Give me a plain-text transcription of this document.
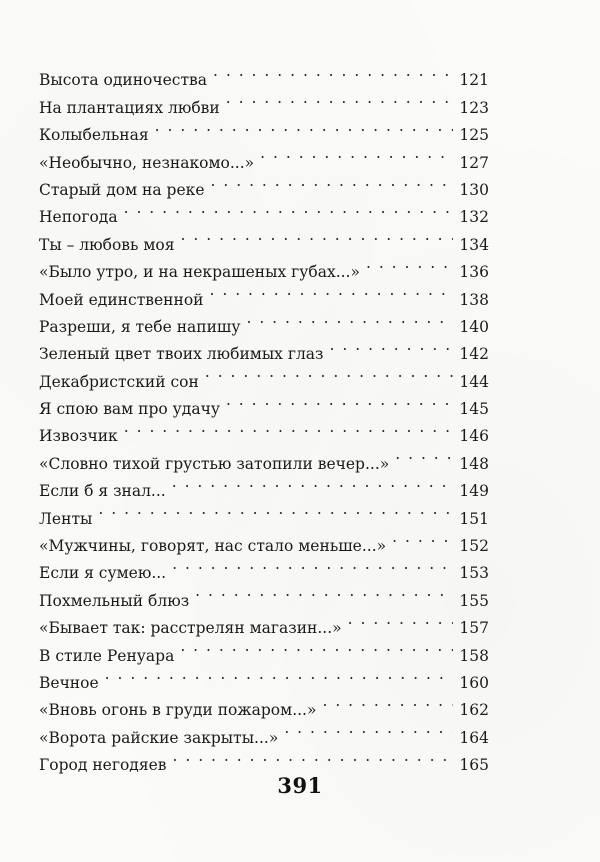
Высота одиночества . . .	121
На плантациях любви . . .	123
Колыбельная . . .	125
«Необычно, незнакомо...» . . .	127
Старый дом на реке . . .	130
Непогода . . .	132
Ты – любовь моя . . .	134
«Было утро, и на некрашеных губах...» . . .	136
Моей единственной . . .	138
Разреши, я тебе напишу . . .	140
Зеленый цвет твоих любимых глаз . . .	142
Декабристский сон . . .	144
Я спою вам про удачу . . .	145
Извозчик . . .	146
«Словно тихой грустью затопили вечер...» . . .	148
Если б я знал... . . .	149
Ленты . . .	151
«Мужчины, говорят, нас стало меньше...» . . .	152
Если я сумею... . . .	153
Похмельный блюз . . .	155
«Бывает так: расстрелян магазин...» . . .	157
В стиле Ренуара . . .	158
Вечное . . .	160
«Вновь огонь в груди пожаром...» . . .	162
«Ворота райские закрыты...» . . .	164
Город негодяев . . .	165
391
